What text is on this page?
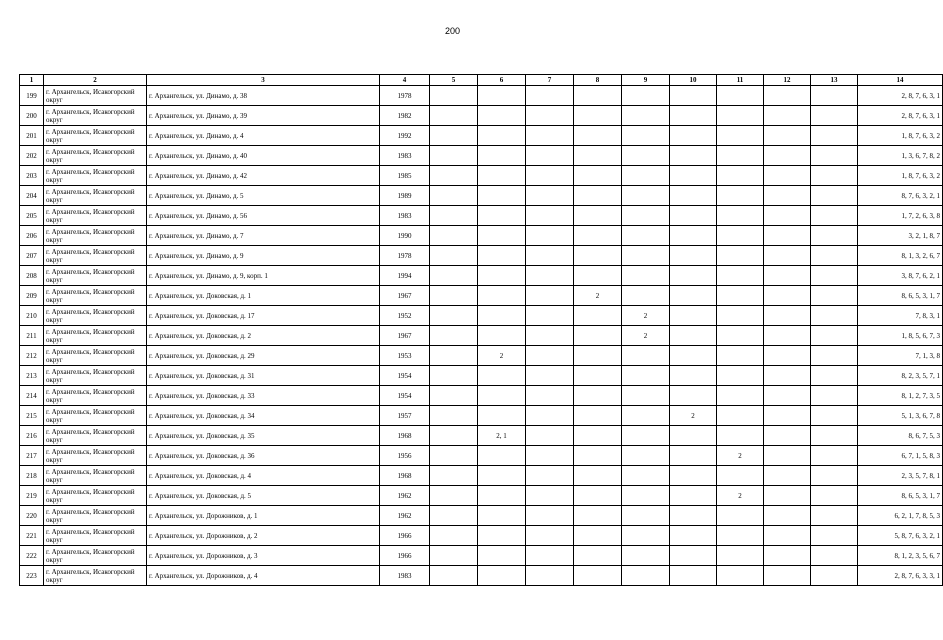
200
1	2	3	4	5	6	7	8	9	10	11	12	13	14
199	г. Архангельск, Исакогорский округ	г. Архангельск, ул. Динамо, д. 38	1978										2, 8, 7, 6, 3, 1
200	г. Архангельск, Исакогорский округ	г. Архангельск, ул. Динамо, д. 39	1982										2, 8, 7, 6, 3, 1
201	г. Архангельск, Исакогорский округ	г. Архангельск, ул. Динамо, д. 4	1992										1, 8, 7, 6, 3, 2
202	г. Архангельск, Исакогорский округ	г. Архангельск, ул. Динамо, д. 40	1983										1, 3, 6, 7, 8, 2
203	г. Архангельск, Исакогорский округ	г. Архангельск, ул. Динамо, д. 42	1985										1, 8, 7, 6, 3, 2
204	г. Архангельск, Исакогорский округ	г. Архангельск, ул. Динамо, д. 5	1989										8, 7, 6, 3, 2, 1
205	г. Архангельск, Исакогорский округ	г. Архангельск, ул. Динамо, д. 56	1983										1, 7, 2, 6, 3, 8
206	г. Архангельск, Исакогорский округ	г. Архангельск, ул. Динамо, д. 7	1990										3, 2, 1, 8, 7
207	г. Архангельск, Исакогорский округ	г. Архангельск, ул. Динамо, д. 9	1978										8, 1, 3, 2, 6, 7
208	г. Архангельск, Исакогорский округ	г. Архангельск, ул. Динамо, д. 9, корп. 1	1994										3, 8, 7, 6, 2, 1
209	г. Архангельск, Исакогорский округ	г. Архангельск, ул. Доковская, д. 1	1967				2						8, 6, 5, 3, 1, 7
210	г. Архангельск, Исакогорский округ	г. Архангельск, ул. Доковская, д. 17	1952					2					7, 8, 3, 1
211	г. Архангельск, Исакогорский округ	г. Архангельск, ул. Доковская, д. 2	1967					2					1, 8, 5, 6, 7, 3
212	г. Архангельск, Исакогорский округ	г. Архангельск, ул. Доковская, д. 29	1953		2								7, 1, 3, 8
213	г. Архангельск, Исакогорский округ	г. Архангельск, ул. Доковская, д. 31	1954										8, 2, 3, 5, 7, 1
214	г. Архангельск, Исакогорский округ	г. Архангельск, ул. Доковская, д. 33	1954										8, 1, 2, 7, 3, 5
215	г. Архангельск, Исакогорский округ	г. Архангельск, ул. Доковская, д. 34	1957						2				5, 1, 3, 6, 7, 8
216	г. Архангельск, Исакогорский округ	г. Архангельск, ул. Доковская, д. 35	1968		2, 1								8, 6, 7, 5, 3
217	г. Архангельск, Исакогорский округ	г. Архангельск, ул. Доковская, д. 36	1956							2			6, 7, 1, 5, 8, 3
218	г. Архангельск, Исакогорский округ	г. Архангельск, ул. Доковская, д. 4	1968										2, 3, 5, 7, 8, 1
219	г. Архангельск, Исакогорский округ	г. Архангельск, ул. Доковская, д. 5	1962							2			8, 6, 5, 3, 1, 7
220	г. Архангельск, Исакогорский округ	г. Архангельск, ул. Дорожников, д. 1	1962										6, 2, 1, 7, 8, 5, 3
221	г. Архангельск, Исакогорский округ	г. Архангельск, ул. Дорожников, д. 2	1966										5, 8, 7, 6, 3, 2, 1
222	г. Архангельск, Исакогорский округ	г. Архангельск, ул. Дорожников, д. 3	1966										8, 1, 2, 3, 5, 6, 7
223	г. Архангельск, Исакогорский округ	г. Архангельск, ул. Дорожников, д. 4	1983										2, 8, 7, 6, 3, 3, 1
